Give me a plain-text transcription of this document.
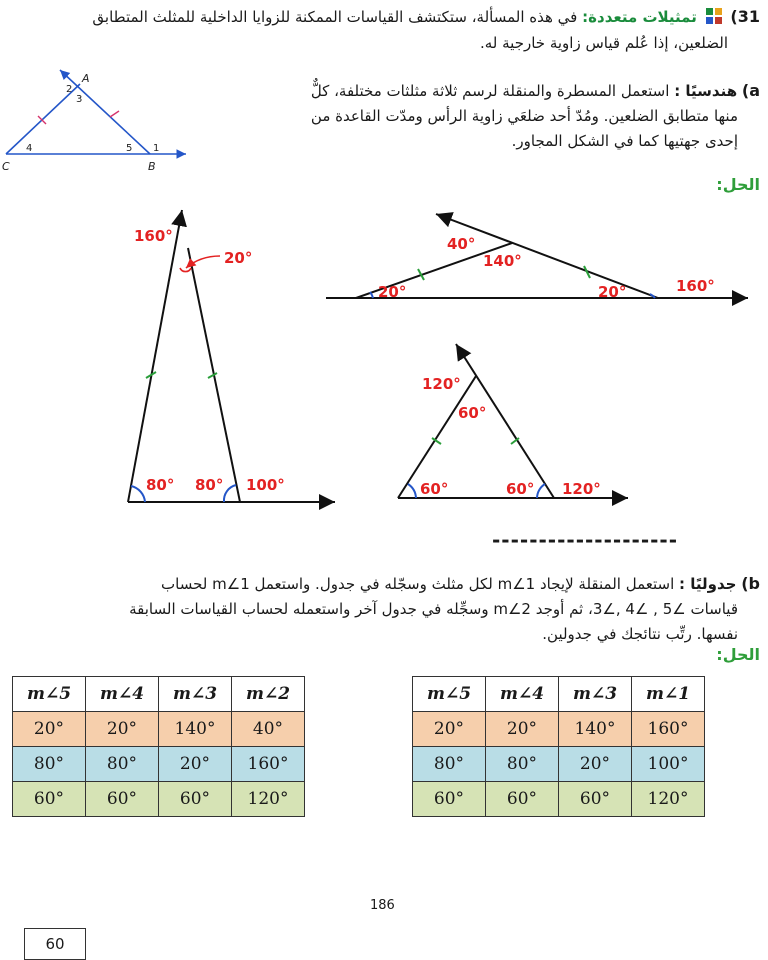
31)  تمثيلات متعددة: في هذه المسألة، ستكتشف القياسات الممكنة للزوايا الداخلية للمثلث المتطابق
الضلعين، إذا عُلم قياس زاوية خارجية له.
A
B
C
1
2
3
4	5
a) هندسيًا : استعمل المسطرة والمنقلة لرسم ثلاثة مثلثات مختلفة، كلٌّ
منها متطابق الضلعين. ومُدّ أحد ضلعَي زاوية الرأس ومدّت القاعدة من
إحدى جهتيها كما في الشكل المجاور.
الحل:
160°
20°
80° 80° 100°
40°
140°
20°	20°	160°
120°
60°
60°	60° 120°
--------------------
b) جدوليًا : استعمل المنقلة لإيجاد m∠1 لكل مثلث وسجّله في جدول. واستعمل m∠1 لحساب
قياسات ∠5 , ∠4 ,∠3، ثم أوجد m∠2 وسجِّله في جدول آخر واستعمله لحساب القياسات السابقة
نفسها. رتِّب نتائجك في جدولين.
الحل:
m∠5	m∠4	m∠3	m∠2
20°	20°	140°	40°
80°	80°	20°	160°
60°	60°	60°	120°
m∠5	m∠4	m∠3	m∠1
20°	20°	140°	160°
80°	80°	20°	100°
60°	60°	60°	120°
186
60
